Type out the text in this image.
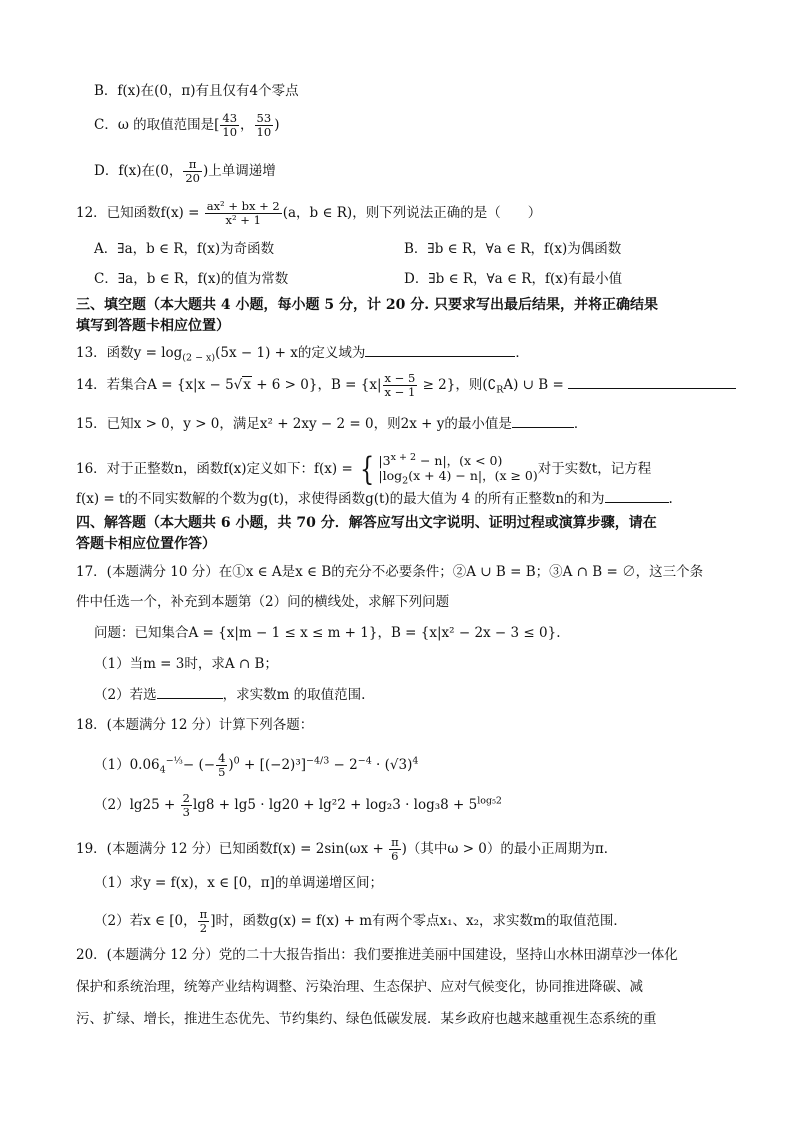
B．f(x)在(0，π)有且仅有4个零点
C．ω 的取值范围是[ $\frac{43}{10}$ ， $\frac{53}{10}$ )
D．f(x)在(0， $\frac{\pi}{20}$ )上单调递增
12．已知函数$f(x) = \frac{\text{ax² + bx + 2}}{\text{x² + 1}} (a$，b ∈ R)，则下列说法正确的是（　　）
A．∃a，b ∈ R，f(x)为奇函数	B．∃b ∈ R，∀a ∈ R，f(x)为偶函数
C．∃a，b ∈ R，f(x)的值为常数	D．∃b ∈ R，∀a ∈ R，f(x)有最小值
三、填空题（本大题共 4 小题，每小题 5 分，计 20 分. 只要求写出最后结果，并将正确结果
填写到答题卡相应位置）
13．函数$y = \log_{(2 - x)}(5x - 1) + x$的定义域为	．
14．若集合A = {x|x − 5√x + 6 > 0}，$B = \{x| \frac{x - 5}{x - 1} \ge 2\}$，则$(∁_RA)$ ∪ B =
15．已知x > 0，y > 0，满足x² + 2xy − 2 = 0，则2x + y的最小值是	．
16．对于正整数n，函数f(x)定义如下：f(x) = { $|3^{x + 2} - n|$，(x < 0)
$|\log_2(x + 4) - n|$，(x ≥ 0) 对于实数t，记方程
f(x) = t的不同实数解的个数为g(t)，求使得函数g(t)的最大值为 4 的所有正整数n的和为	.
四、解答题（本大题共 6 小题，共 70 分．解答应写出文字说明、证明过程或演算步骤，请在
答题卡相应位置作答）
17．(本题满分 10 分）在①x ∈ A是x ∈ B的充分不必要条件；②A ∪ B = B；③A ∩ B = ∅，这三个条
件中任选一个，补充到本题第（2）问的横线处，求解下列问题
问题：已知集合A = {x|m − 1 ≤ x ≤ m + 1}，B = {x|x² − 2x − 3 ≤ 0}.
（1）当m = 3时，求A ∩ B；
（2）若选	，求实数m 的取值范围.
18．(本题满分 12 分）计算下列各题：
$(1)0.06_4^{-\frac{1}{3}}-$ (− $\frac{4}{5} )^0 + [(-2)^3]^{-4/3} - 2^{-4} \cdot (√3)^4$
$(2)\lg 25 + \frac{2}{3} \lg 8 + \lg 5 \cdot \lg 20 + \lg^22 + \log_23 \cdot \log_38 + 5^{log_52}$
19．(本题满分 12 分）已知函数$f(x) = 2\sin(\omega x + \frac{\pi}{6}$ )（其中ω > 0）的最小正周期为π．
（1）求y = f(x)，x ∈ [0，π]的单调递增区间；
（2）若x ∈ [0， $\frac{\pi}{2}$ ]时，函数g(x) = f(x) + m有两个零点x₁、x₂，求实数m的取值范围．
20．(本题满分 12 分）党的二十大报告指出：我们要推进美丽中国建设，坚持山水林田湖草沙一体化
保护和系统治理，统筹产业结构调整、污染治理、生态保护、应对气候变化，协同推进降碳、减
污、扩绿、增长，推进生态优先、节约集约、绿色低碳发展．某乡政府也越来越重视生态系统的重
